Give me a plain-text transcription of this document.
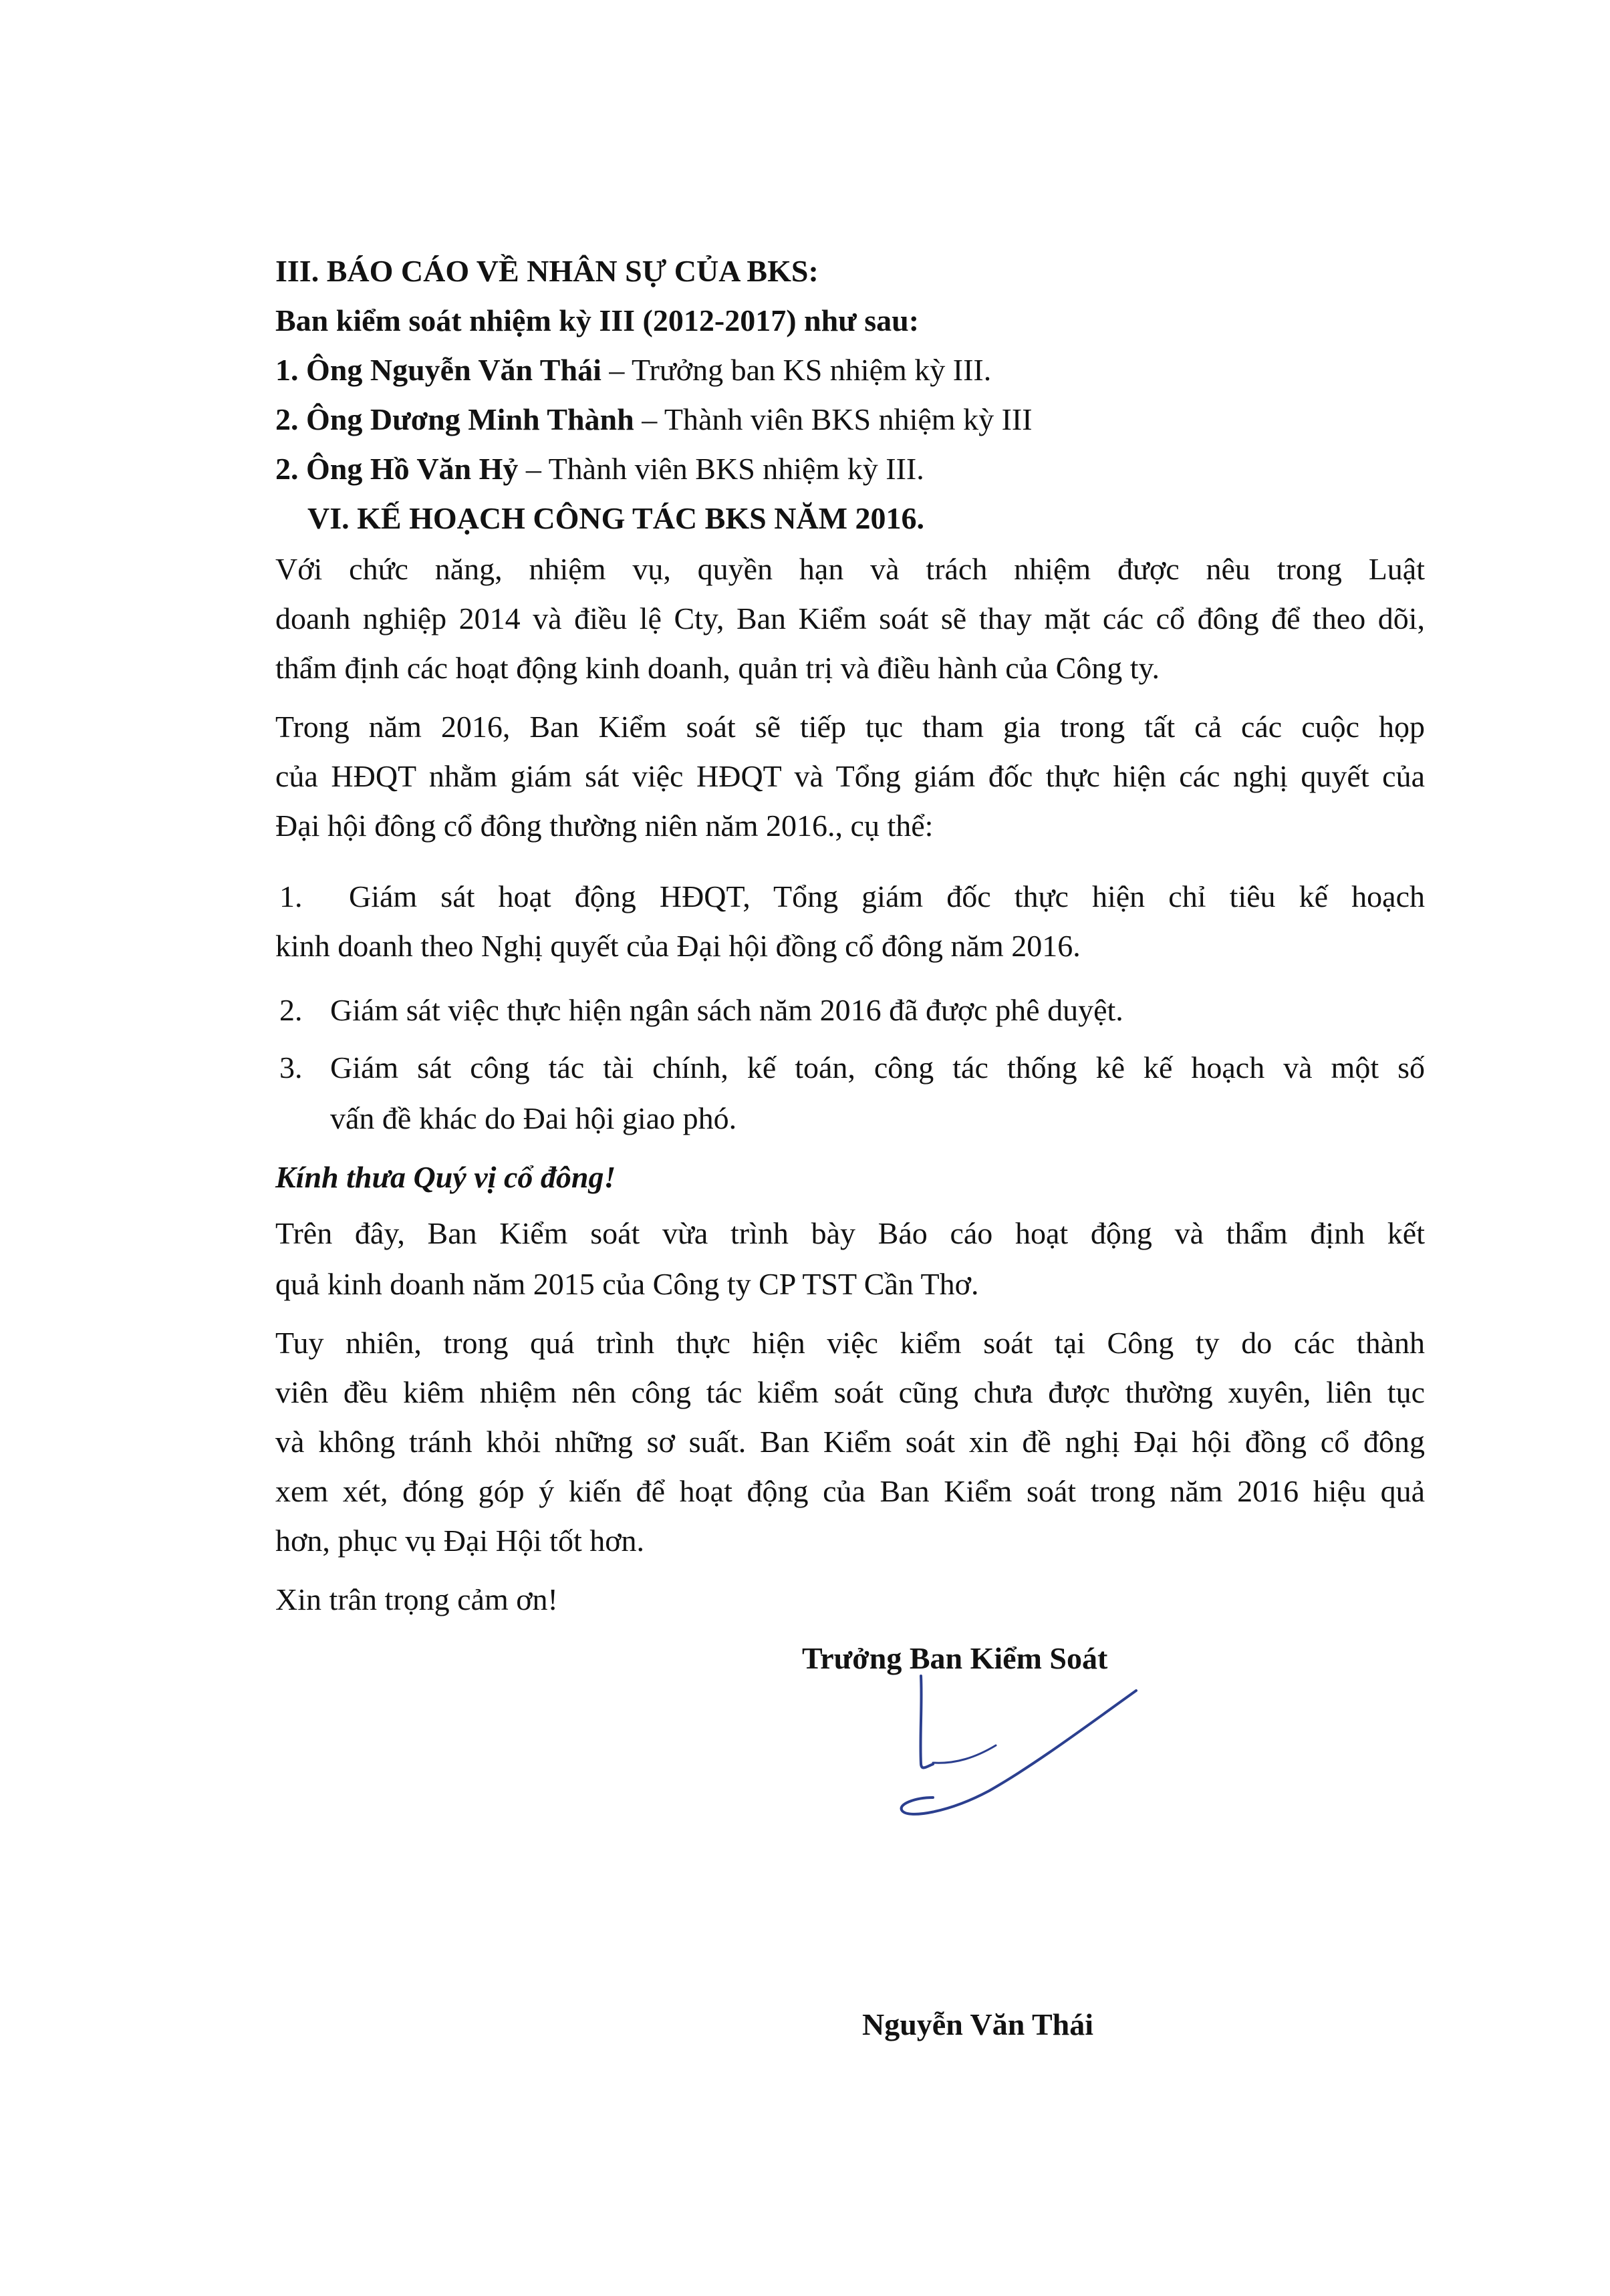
III. BÁO CÁO VỀ NHÂN SỰ CỦA BKS:
Ban kiểm soát nhiệm kỳ III (2012-2017) như sau:
1. Ông Nguyễn Văn Thái – Trưởng ban KS nhiệm kỳ III.
2. Ông Dương Minh Thành – Thành viên BKS nhiệm kỳ III
2. Ông Hồ Văn Hỷ – Thành viên BKS nhiệm kỳ III.
VI. KẾ HOẠCH CÔNG TÁC BKS NĂM 2016.
Với chức năng, nhiệm vụ, quyền hạn và trách nhiệm được nêu trong Luật
doanh nghiệp 2014 và điều lệ Cty, Ban Kiểm soát sẽ thay mặt các cổ đông để theo dõi,
thẩm định các hoạt động kinh doanh, quản trị và điều hành của Công ty.
Trong năm 2016, Ban Kiểm soát sẽ tiếp tục tham gia trong tất cả các cuộc họp
của HĐQT nhằm giám sát việc HĐQT và Tổng giám đốc thực hiện các nghị quyết của
Đại hội đông cổ đông thường niên năm 2016., cụ thể:
1. Giám sát hoạt động HĐQT, Tổng giám đốc thực hiện chỉ tiêu kế hoạch
kinh doanh theo Nghị quyết của Đại hội đồng cổ đông năm 2016.
2. Giám sát việc thực hiện ngân sách năm 2016 đã được phê duyệt.
3. Giám sát công tác tài chính, kế toán, công tác thống kê kế hoạch và một số
vấn đề khác do Đai hội giao phó.
Kính thưa Quý vị cổ đông!
Trên đây, Ban Kiểm soát vừa trình bày Báo cáo hoạt động và thẩm định kết
quả kinh doanh năm 2015 của Công ty CP TST Cần Thơ.
Tuy nhiên, trong quá trình thực hiện việc kiểm soát tại Công ty do các thành
viên đều kiêm nhiệm nên công tác kiểm soát cũng chưa được thường xuyên, liên tục
và không tránh khỏi những sơ suất. Ban Kiểm soát xin đề nghị Đại hội đồng cổ đông
xem xét, đóng góp ý kiến để hoạt động của Ban Kiểm soát trong năm 2016 hiệu quả
hơn, phục vụ Đại Hội tốt hơn.
Xin trân trọng cảm ơn!
Trưởng Ban Kiểm Soát
Nguyễn Văn Thái
